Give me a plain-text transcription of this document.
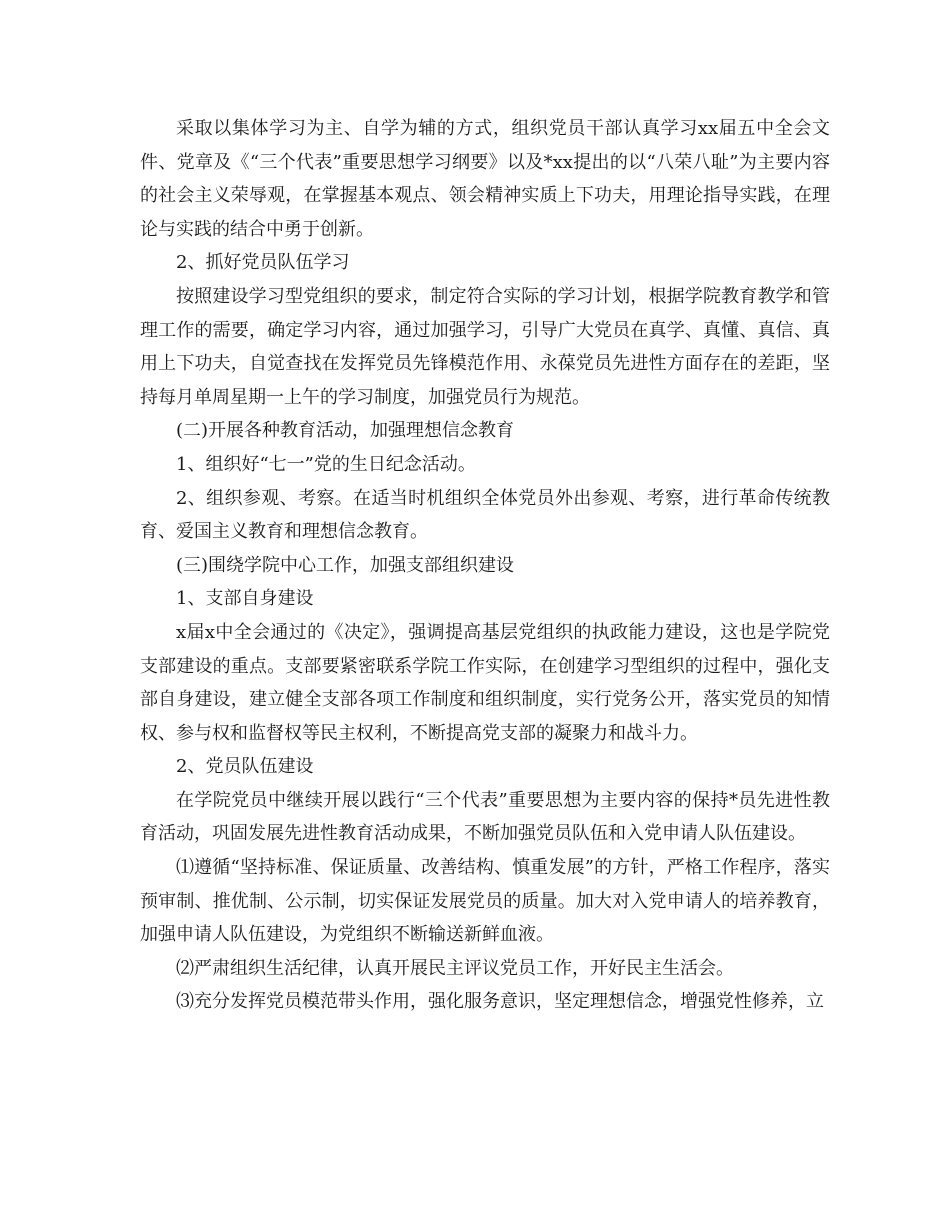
采取以集体学习为主、自学为辅的方式，组织党员干部认真学习xx届五中全会文件、党章及《“三个代表”重要思想学习纲要》以及*xx提出的以“八荣八耻”为主要内容的社会主义荣辱观，在掌握基本观点、领会精神实质上下功夫，用理论指导实践，在理论与实践的结合中勇于创新。

2、抓好党员队伍学习

按照建设学习型党组织的要求，制定符合实际的学习计划，根据学院教育教学和管理工作的需要，确定学习内容，通过加强学习，引导广大党员在真学、真懂、真信、真用上下功夫，自觉查找在发挥党员先锋模范作用、永葆党员先进性方面存在的差距，坚持每月单周星期一上午的学习制度，加强党员行为规范。

(二)开展各种教育活动，加强理想信念教育

1、组织好“七一”党的生日纪念活动。

2、组织参观、考察。在适当时机组织全体党员外出参观、考察，进行革命传统教育、爱国主义教育和理想信念教育。

(三)围绕学院中心工作，加强支部组织建设

1、支部自身建设

x届x中全会通过的《决定》，强调提高基层党组织的执政能力建设，这也是学院党支部建设的重点。支部要紧密联系学院工作实际，在创建学习型组织的过程中，强化支部自身建设，建立健全支部各项工作制度和组织制度，实行党务公开，落实党员的知情权、参与权和监督权等民主权利，不断提高党支部的凝聚力和战斗力。

2、党员队伍建设

在学院党员中继续开展以践行“三个代表”重要思想为主要内容的保持*员先进性教育活动，巩固发展先进性教育活动成果，不断加强党员队伍和入党申请人队伍建设。

⑴遵循“坚持标准、保证质量、改善结构、慎重发展”的方针，严格工作程序，落实预审制、推优制、公示制，切实保证发展党员的质量。加大对入党申请人的培养教育，加强申请人队伍建设，为党组织不断输送新鲜血液。

⑵严肃组织生活纪律，认真开展民主评议党员工作，开好民主生活会。

⑶充分发挥党员模范带头作用，强化服务意识，坚定理想信念，增强党性修养，立
